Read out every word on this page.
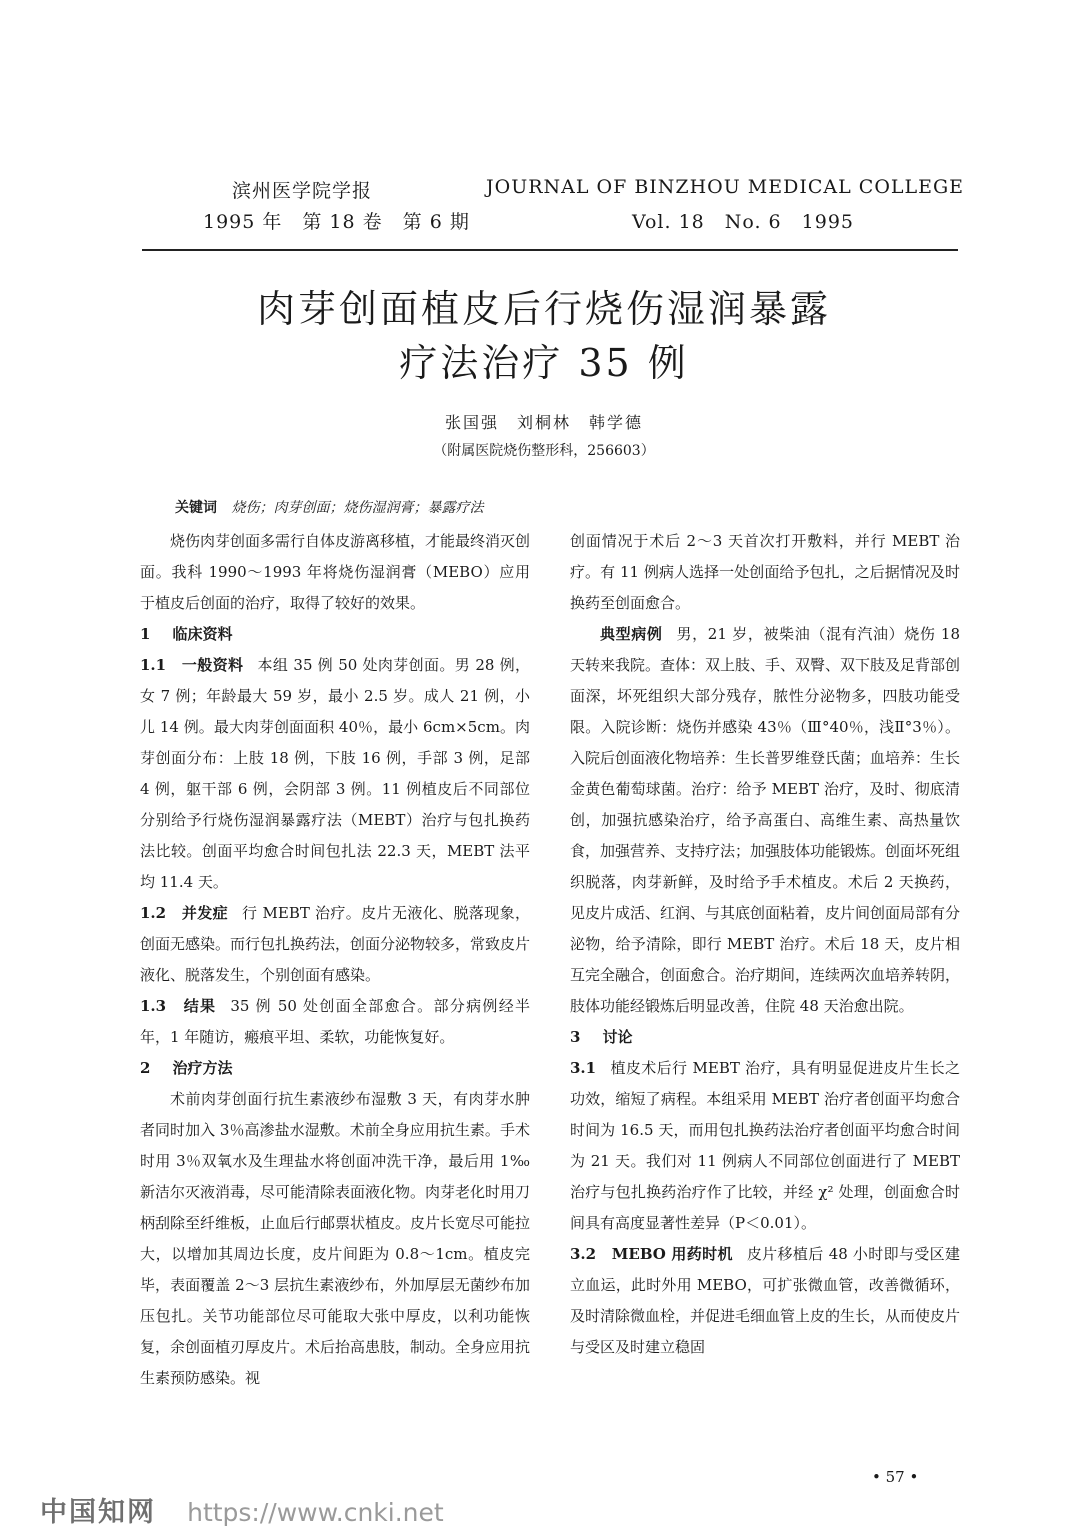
滨州医学院学报
1995 年　第 18 卷　第 6 期
JOURNAL OF BINZHOU MEDICAL COLLEGE
Vol. 18　No. 6　1995
肉芽创面植皮后行烧伤湿润暴露
疗法治疗 35 例
张国强　刘桐林　韩学德
（附属医院烧伤整形科，256603）
关键词 烧伤；肉芽创面；烧伤湿润膏；暴露疗法

烧伤肉芽创面多需行自体皮游离移植，才能最终消灭创面。我科 1990～1993 年将烧伤湿润膏（MEBO）应用于植皮后创面的治疗，取得了较好的效果。

1 临床资料

1.1　一般资料 本组 35 例 50 处肉芽创面。男 28 例，女 7 例；年龄最大 59 岁，最小 2.5 岁。成人 21 例，小儿 14 例。最大肉芽创面面积 40％，最小 6cm×5cm。肉芽创面分布：上肢 18 例，下肢 16 例，手部 3 例，足部 4 例，躯干部 6 例，会阴部 3 例。11 例植皮后不同部位分别给予行烧伤湿润暴露疗法（MEBT）治疗与包扎换药法比较。创面平均愈合时间包扎法 22.3 天，MEBT 法平均 11.4 天。

1.2　并发症 行 MEBT 治疗。皮片无液化、脱落现象，创面无感染。而行包扎换药法，创面分泌物较多，常致皮片液化、脱落发生，个别创面有感染。

1.3　结果 35 例 50 处创面全部愈合。部分病例经半年，1 年随访，瘢痕平坦、柔软，功能恢复好。

2 治疗方法

术前肉芽创面行抗生素液纱布湿敷 3 天，有肉芽水肿者同时加入 3％高渗盐水湿敷。术前全身应用抗生素。手术时用 3％双氧水及生理盐水将创面冲洗干净，最后用 1‰新洁尔灭液消毒，尽可能清除表面液化物。肉芽老化时用刀柄刮除至纤维板，止血后行邮票状植皮。皮片长宽尽可能拉大，以增加其周边长度，皮片间距为 0.8～1cm。植皮完毕，表面覆盖 2～3 层抗生素液纱布，外加厚层无菌纱布加压包扎。关节功能部位尽可能取大张中厚皮，以利功能恢复，余创面植刃厚皮片。术后抬高患肢，制动。全身应用抗生素预防感染。视

创面情况于术后 2～3 天首次打开敷料，并行 MEBT 治疗。有 11 例病人选择一处创面给予包扎，之后据情况及时换药至创面愈合。

典型病例 男，21 岁，被柴油（混有汽油）烧伤 18 天转来我院。查体：双上肢、手、双臀、双下肢及足背部创面深，坏死组织大部分残存，脓性分泌物多，四肢功能受限。入院诊断：烧伤并感染 43％（Ⅲ°40％，浅Ⅱ°3％）。入院后创面液化物培养：生长普罗维登氏菌；血培养：生长金黄色葡萄球菌。治疗：给予 MEBT 治疗，及时、彻底清创，加强抗感染治疗，给予高蛋白、高维生素、高热量饮食，加强营养、支持疗法；加强肢体功能锻炼。创面坏死组织脱落，肉芽新鲜，及时给予手术植皮。术后 2 天换药，见皮片成活、红润、与其底创面粘着，皮片间创面局部有分泌物，给予清除，即行 MEBT 治疗。术后 18 天，皮片相互完全融合，创面愈合。治疗期间，连续两次血培养转阴，肢体功能经锻炼后明显改善，住院 48 天治愈出院。

3 讨论

3.1 植皮术后行 MEBT 治疗，具有明显促进皮片生长之功效，缩短了病程。本组采用 MEBT 治疗者创面平均愈合时间为 16.5 天，而用包扎换药法治疗者创面平均愈合时间为 21 天。我们对 11 例病人不同部位创面进行了 MEBT 治疗与包扎换药治疗作了比较，并经 χ² 处理，创面愈合时间具有高度显著性差异（P＜0.01）。

3.2　MEBO 用药时机 皮片移植后 48 小时即与受区建立血运，此时外用 MEBO，可扩张微血管，改善微循环，及时清除微血栓，并促进毛细血管上皮的生长，从而使皮片与受区及时建立稳固

• 57 •
中国知网 https://www.cnki.net
